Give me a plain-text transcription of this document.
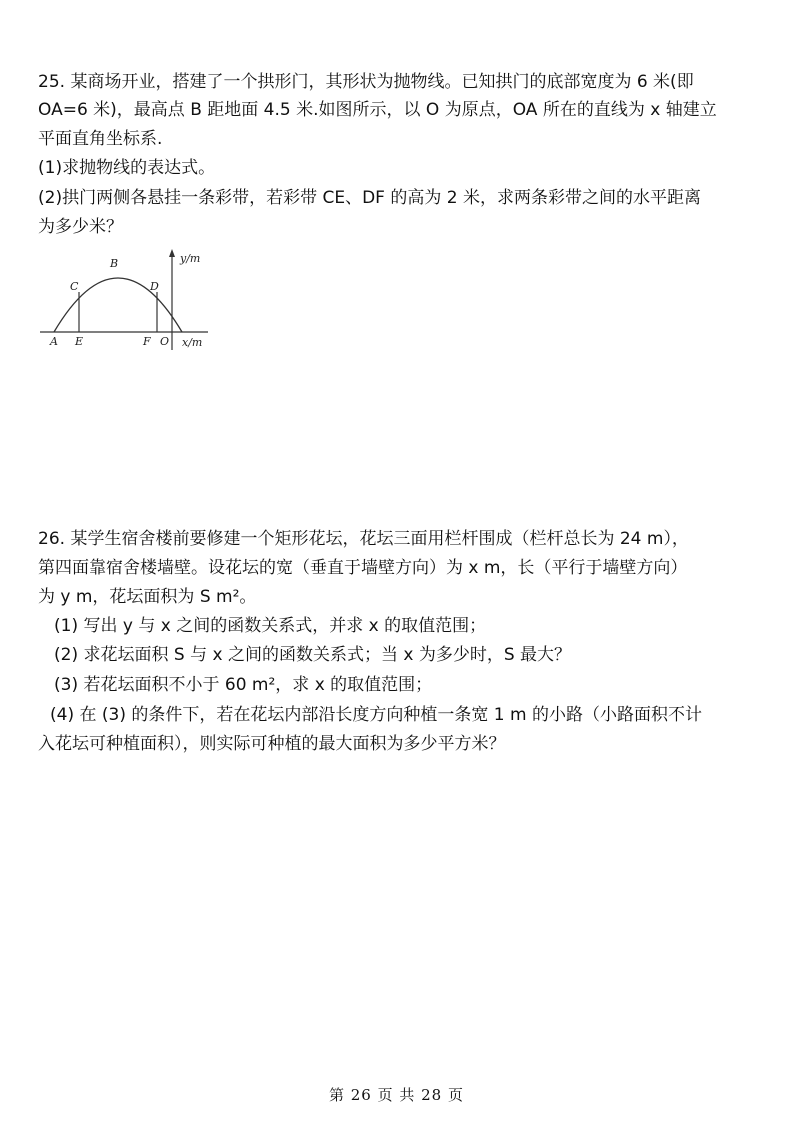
25. 某商场开业，搭建了一个拱形门，其形状为抛物线。已知拱门的底部宽度为 6 米(即
OA=6 米)，最高点 B 距地面 4.5 米.如图所示，以 O 为原点，OA 所在的直线为 x 轴建立
平面直角坐标系.
(1)求抛物线的表达式。
(2)拱门两侧各悬挂一条彩带，若彩带 CE、DF 的高为 2 米，求两条彩带之间的水平距离
为多少米？
B
C	D
A E	F O
y/m
x/m
26. 某学生宿舍楼前要修建一个矩形花坛，花坛三面用栏杆围成（栏杆总长为 24 m），
第四面靠宿舍楼墙壁。设花坛的宽（垂直于墙壁方向）为 x m，长（平行于墙壁方向）
为 y m，花坛面积为 S m²。
(1) 写出 y 与 x 之间的函数关系式，并求 x 的取值范围；
(2) 求花坛面积 S 与 x 之间的函数关系式；当 x 为多少时，S 最大？
(3) 若花坛面积不小于 60 m²，求 x 的取值范围；
(4) 在 (3) 的条件下，若在花坛内部沿长度方向种植一条宽 1 m 的小路（小路面积不计
入花坛可种植面积），则实际可种植的最大面积为多少平方米？
第 26 页 共 28 页
